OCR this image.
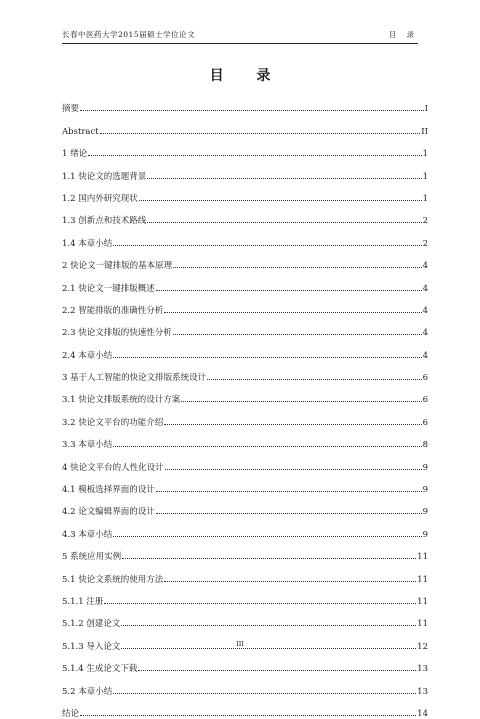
长春中医药大学2015届硕士学位论文	目 录
目 录
摘要	I
Abstract	II
1 绪论	1
1.1 快论文的选题背景	1
1.2 国内外研究现状	1
1.3 创新点和技术路线	2
1.4 本章小结	2
2 快论文一键排版的基本原理	4
2.1 快论文一键排版概述	4
2.2 智能排版的准确性分析	4
2.3 快论文排版的快速性分析	4
2.4 本章小结	4
3 基于人工智能的快论文排版系统设计	6
3.1 快论文排版系统的设计方案	6
3.2 快论文平台的功能介绍	6
3.3 本章小结	8
4 快论文平台的人性化设计	9
4.1 模板选择界面的设计	9
4.2 论文编辑界面的设计	9
4.3 本章小结	9
5 系统应用实例	11
5.1 快论文系统的使用方法	11
5.1.1 注册	11
5.1.2 创建论文	11
5.1.3 导入论文	12
5.1.4 生成论文下载	13
5.2 本章小结	13
结论	14
III
